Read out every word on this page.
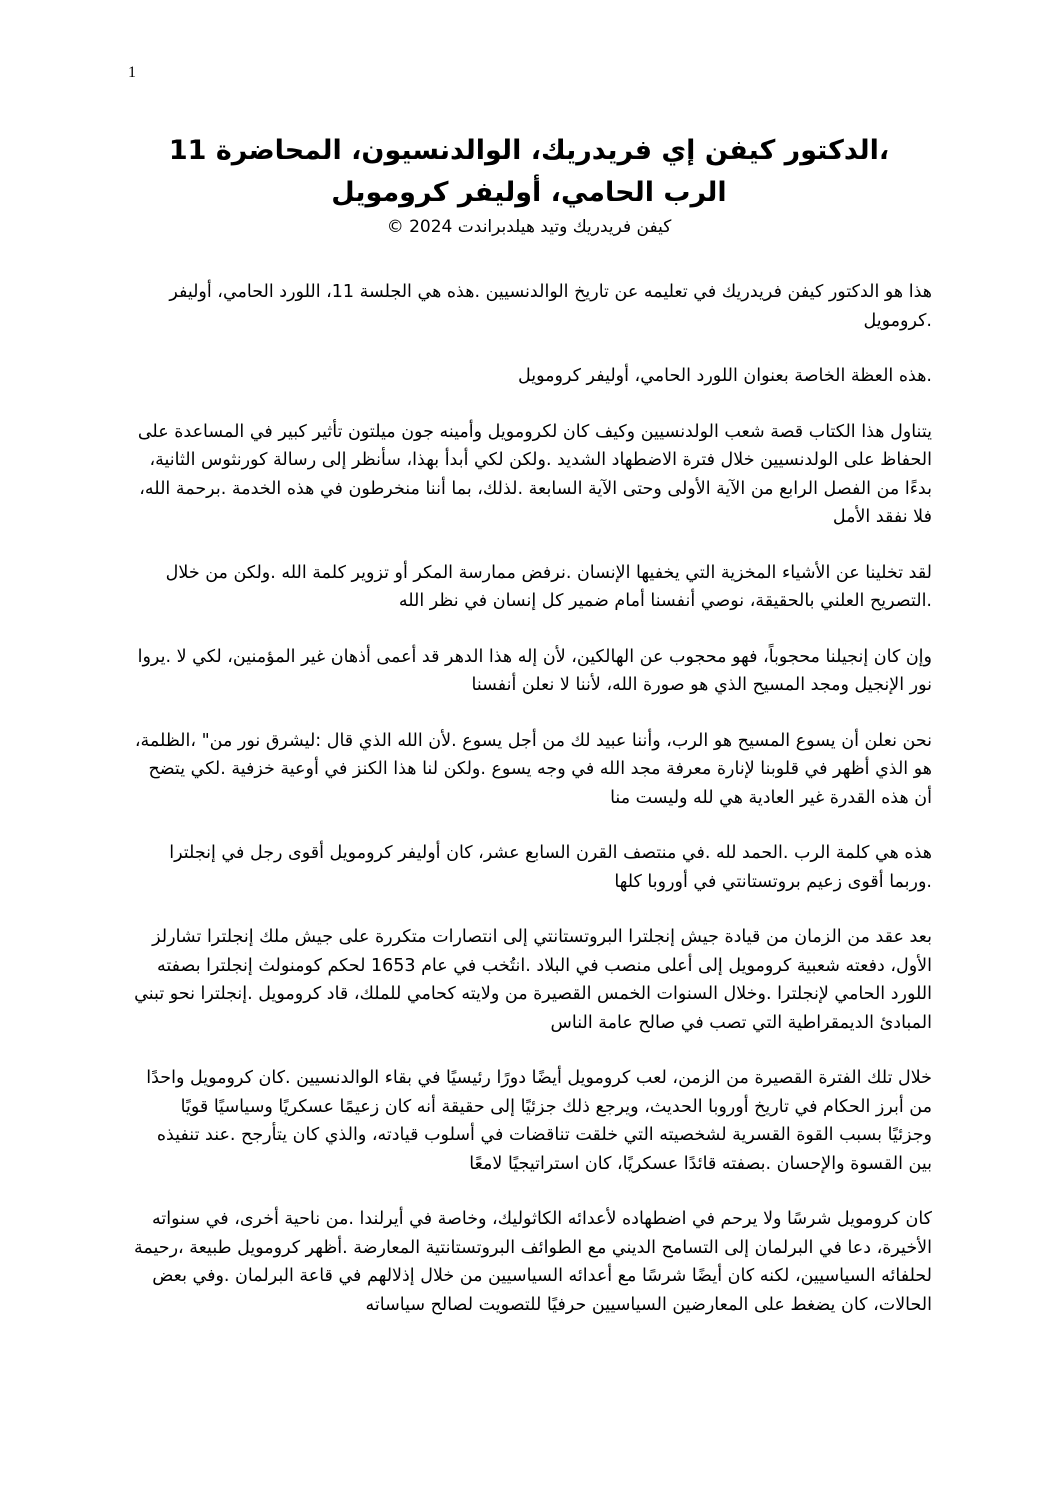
1
،الدكتور كيفن إي فريدريك، الوالدنسيون، المحاضرة 11
الرب الحامي، أوليفر كرومويل

كيفن فريدريك وتيد هيلدبراندت 2024 ©

هذا هو الدكتور كيفن فريدريك في تعليمه عن تاريخ الوالدنسيين .هذه هي الجلسة 11، اللورد الحامي، أوليفر .كرومويل

.هذه العظة الخاصة بعنوان اللورد الحامي، أوليفر كرومويل

يتناول هذا الكتاب قصة شعب الولدنسيين وكيف كان لكرومويل وأمينه جون ميلتون تأثير كبير في المساعدة على الحفاظ على الولدنسيين خلال فترة الاضطهاد الشديد .ولكن لكي أبدأ بهذا، سأنظر إلى رسالة كورنثوس الثانية، بدءًا من الفصل الرابع من الآية الأولى وحتى الآية السابعة .لذلك، بما أننا منخرطون في هذه الخدمة .برحمة الله، فلا نفقد الأمل

لقد تخلينا عن الأشياء المخزية التي يخفيها الإنسان .نرفض ممارسة المكر أو تزوير كلمة الله .ولكن من خلال .التصريح العلني بالحقيقة، نوصي أنفسنا أمام ضمير كل إنسان في نظر الله

وإن كان إنجيلنا محجوباً، فهو محجوب عن الهالكين، لأن إله هذا الدهر قد أعمى أذهان غير المؤمنين، لكي لا .يروا نور الإنجيل ومجد المسيح الذي هو صورة الله، لأننا لا نعلن أنفسنا

نحن نعلن أن يسوع المسيح هو الرب، وأننا عبيد لك من أجل يسوع .لأن الله الذي قال :ليشرق نور من" ،الظلمة، هو الذي أظهر في قلوبنا لإنارة معرفة مجد الله في وجه يسوع .ولكن لنا هذا الكنز في أوعية خزفية .لكي يتضح أن هذه القدرة غير العادية هي لله وليست منا

هذه هي كلمة الرب .الحمد لله .في منتصف القرن السابع عشر، كان أوليفر كرومويل أقوى رجل في إنجلترا .وربما أقوى زعيم بروتستانتي في أوروبا كلها

بعد عقد من الزمان من قيادة جيش إنجلترا البروتستانتي إلى انتصارات متكررة على جيش ملك إنجلترا تشارلز الأول، دفعته شعبية كرومويل إلى أعلى منصب في البلاد .انتُخب في عام 1653 لحكم كومنولث إنجلترا بصفته اللورد الحامي لإنجلترا .وخلال السنوات الخمس القصيرة من ولايته كحامي للملك، قاد كرومويل .إنجلترا نحو تبني المبادئ الديمقراطية التي تصب في صالح عامة الناس

خلال تلك الفترة القصيرة من الزمن، لعب كرومويل أيضًا دورًا رئيسيًا في بقاء الوالدنسيين .كان كرومويل واحدًا من أبرز الحكام في تاريخ أوروبا الحديث، ويرجع ذلك جزئيًا إلى حقيقة أنه كان زعيمًا عسكريًا وسياسيًا قويًا وجزئيًا بسبب القوة القسرية لشخصيته التي خلقت تناقضات في أسلوب قيادته، والذي كان يتأرجح .عند تنفيذه بين القسوة والإحسان .بصفته قائدًا عسكريًا، كان استراتيجيًا لامعًا

كان كرومويل شرسًا ولا يرحم في اضطهاده لأعدائه الكاثوليك، وخاصة في أيرلندا .من ناحية أخرى، في سنواته الأخيرة، دعا في البرلمان إلى التسامح الديني مع الطوائف البروتستانتية المعارضة .أظهر كرومويل طبيعة ،رحيمة لحلفائه السياسيين، لكنه كان أيضًا شرسًا مع أعدائه السياسيين من خلال إذلالهم في قاعة البرلمان .وفي بعض الحالات، كان يضغط على المعارضين السياسيين حرفيًا للتصويت لصالح سياساته
